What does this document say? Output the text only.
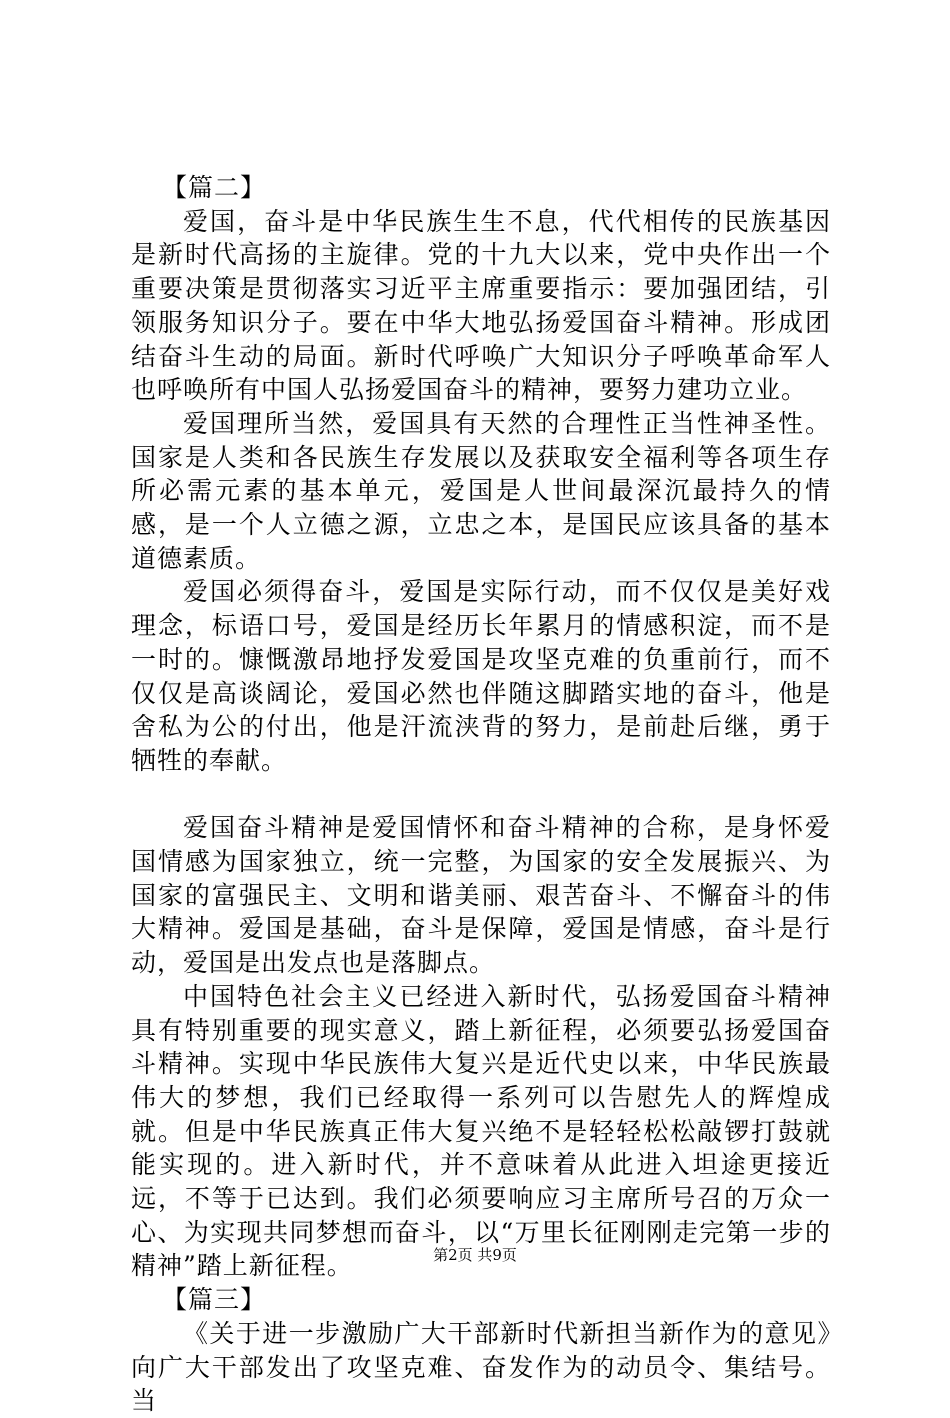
【篇二】

爱国，奋斗是中华民族生生不息，代代相传的民族基因是新时代高扬的主旋律。党的十九大以来，党中央作出一个重要决策是贯彻落实习近平主席重要指示：要加强团结，引领服务知识分子。要在中华大地弘扬爱国奋斗精神。形成团结奋斗生动的局面。新时代呼唤广大知识分子呼唤革命军人也呼唤所有中国人弘扬爱国奋斗的精神，要努力建功立业。

爱国理所当然，爱国具有天然的合理性正当性神圣性。国家是人类和各民族生存发展以及获取安全福利等各项生存所必需元素的基本单元，爱国是人世间最深沉最持久的情感，是一个人立德之源，立忠之本，是国民应该具备的基本道德素质。

爱国必须得奋斗，爱国是实际行动，而不仅仅是美好戏理念，标语口号，爱国是经历长年累月的情感积淀，而不是一时的。慷慨激昂地抒发爱国是攻坚克难的负重前行，而不仅仅是高谈阔论，爱国必然也伴随这脚踏实地的奋斗，他是舍私为公的付出，他是汗流浃背的努力，是前赴后继，勇于牺牲的奉献。

爱国奋斗精神是爱国情怀和奋斗精神的合称，是身怀爱国情感为国家独立，统一完整，为国家的安全发展振兴、为国家的富强民主、文明和谐美丽、艰苦奋斗、不懈奋斗的伟大精神。爱国是基础，奋斗是保障，爱国是情感，奋斗是行动，爱国是出发点也是落脚点。

中国特色社会主义已经进入新时代，弘扬爱国奋斗精神具有特别重要的现实意义，踏上新征程，必须要弘扬爱国奋斗精神。实现中华民族伟大复兴是近代史以来，中华民族最伟大的梦想，我们已经取得一系列可以告慰先人的辉煌成就。但是中华民族真正伟大复兴绝不是轻轻松松敲锣打鼓就能实现的。进入新时代，并不意味着从此进入坦途更接近远，不等于已达到。我们必须要响应习主席所号召的万众一心、为实现共同梦想而奋斗，以“万里长征刚刚走完第一步的精神”踏上新征程。

【篇三】

《关于进一步激励广大干部新时代新担当新作为的意见》向广大干部发出了攻坚克难、奋发作为的动员令、集结号。当

第2页 共9页
